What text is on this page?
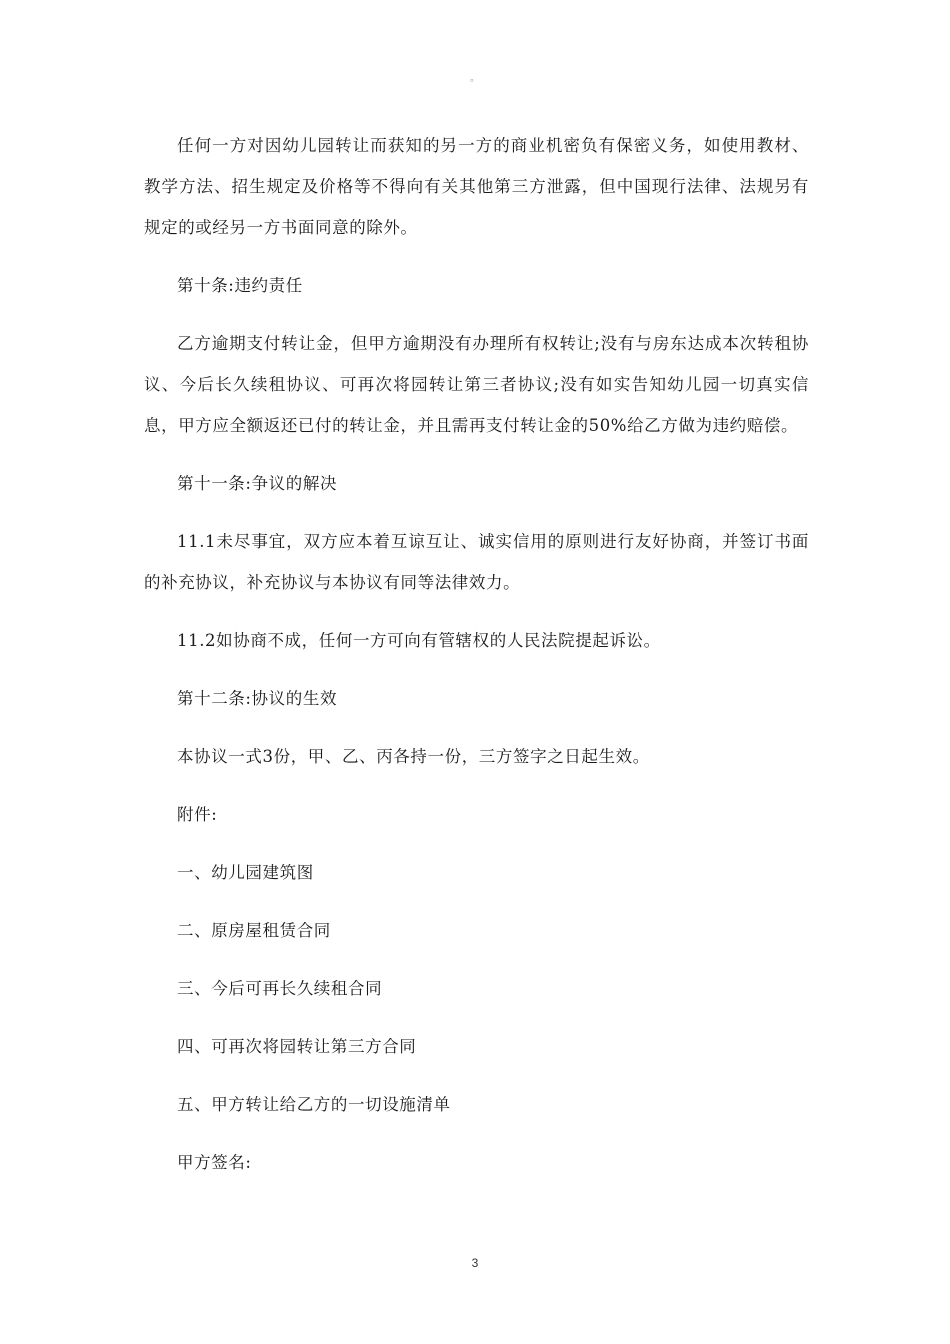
。

任何一方对因幼儿园转让而获知的另一方的商业机密负有保密义务，如使用教材、教学方法、招生规定及价格等不得向有关其他第三方泄露，但中国现行法律、法规另有规定的或经另一方书面同意的除外。

第十条:违约责任

乙方逾期支付转让金，但甲方逾期没有办理所有权转让;没有与房东达成本次转租协议、今后长久续租协议、可再次将园转让第三者协议;没有如实告知幼儿园一切真实信息，甲方应全额返还已付的转让金，并且需再支付转让金的50%给乙方做为违约赔偿。

第十一条:争议的解决

11.1未尽事宜，双方应本着互谅互让、诚实信用的原则进行友好协商，并签订书面的补充协议，补充协议与本协议有同等法律效力。

11.2如协商不成，任何一方可向有管辖权的人民法院提起诉讼。

第十二条:协议的生效

本协议一式3份，甲、乙、丙各持一份，三方签字之日起生效。

附件:

一、幼儿园建筑图

二、原房屋租赁合同

三、今后可再长久续租合同

四、可再次将园转让第三方合同

五、甲方转让给乙方的一切设施清单

甲方签名:

3
